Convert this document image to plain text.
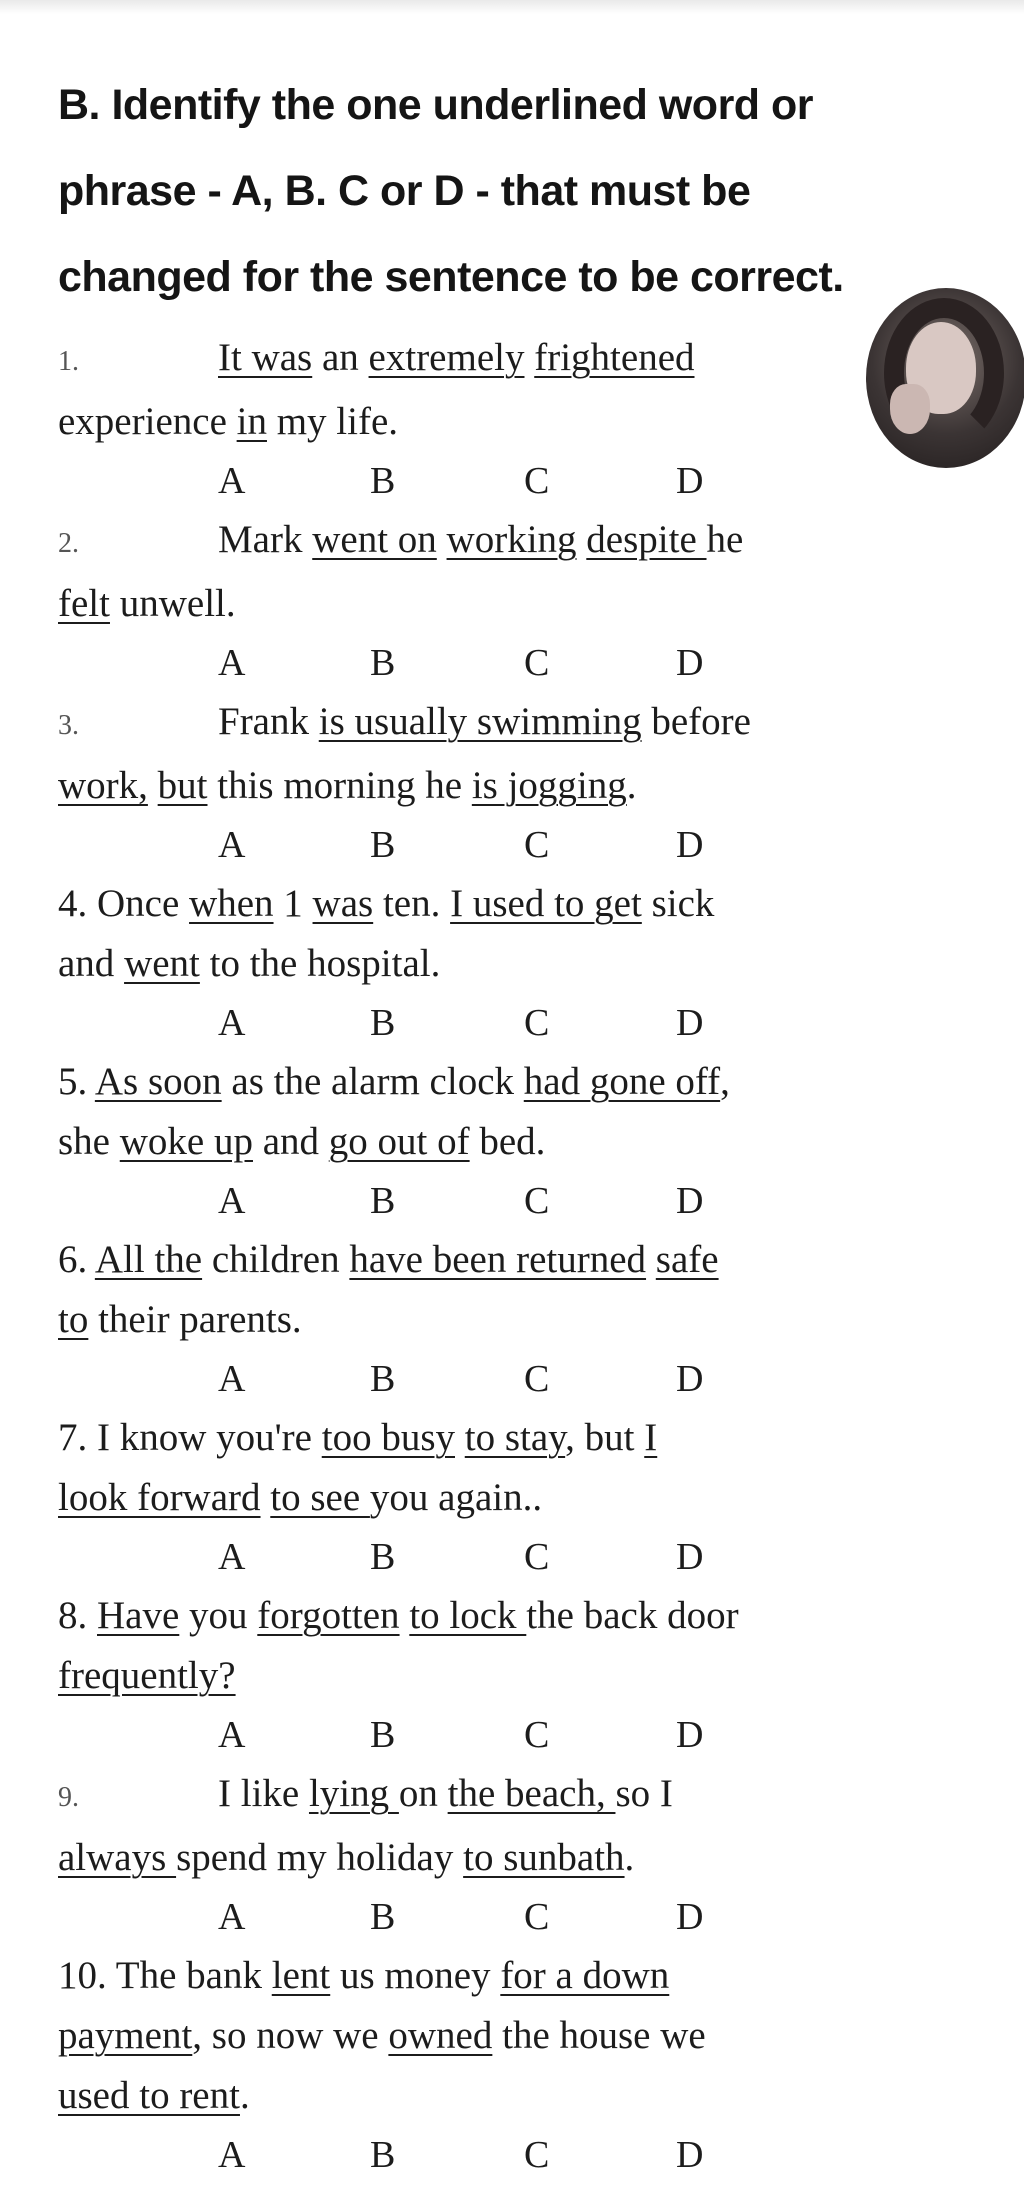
B. Identify the one underlined word or
phrase - A, B. C or D - that must be
changed for the sentence to be correct.
1.	It was an extremely frightened
experience in my life.
A	B	C	D
2.	Mark went on working despite he
felt unwell.
A	B	C	D
3.	Frank is usually swimming before
work, but this morning he is jogging.
A	B	C	D
4. Once when 1 was ten. I used to get sick
and went to the hospital.
A	B	C	D
5. As soon as the alarm clock had gone off,
she woke up and go out of bed.
A	B	C	D
6. All the children have been returned safe
to their parents.
A	B	C	D
7. I know you're too busy to stay, but I
look forward to see you again..
A	B	C	D
8. Have you forgotten to lock the back door
frequently?
A	B	C	D
9.	I like lying on the beach, so I
always spend my holiday to sunbath.
A	B	C	D
10. The bank lent us money for a down
payment, so now we owned the house we
used to rent.
A	B	C	D
